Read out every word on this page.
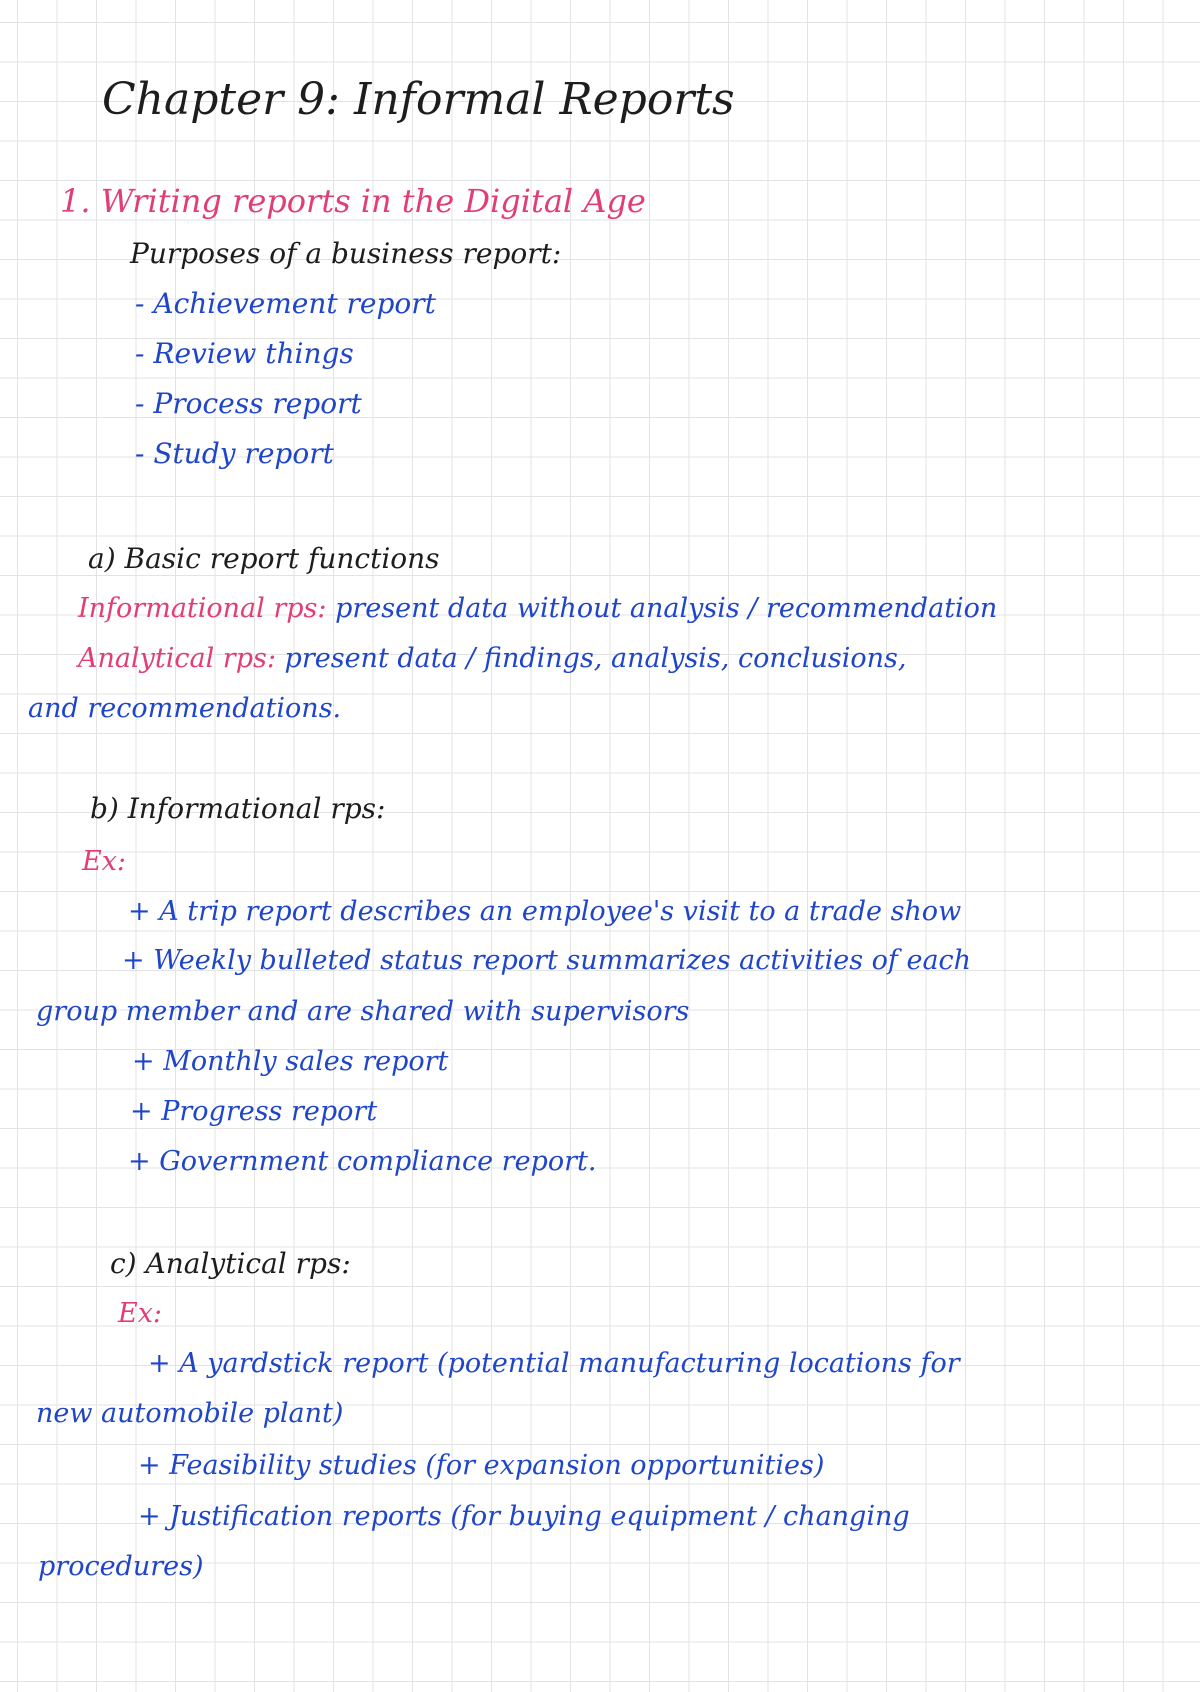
Chapter 9: Informal Reports
1. Writing reports in the Digital Age
Purposes of a business report:
- Achievement report
- Review things
- Process report
- Study report
a) Basic report functions
Informational rps: present data without analysis / recommendation
Analytical rps: present data / findings, analysis, conclusions,
and recommendations.
b) Informational rps:
Ex:
+ A trip report describes an employee's visit to a trade show
+ Weekly bulleted status report summarizes activities of each
group member and are shared with supervisors
+ Monthly sales report
+ Progress report
+ Government compliance report.
c) Analytical rps:
Ex:
+ A yardstick report (potential manufacturing locations for
new automobile plant)
+ Feasibility studies (for expansion opportunities)
+ Justification reports (for buying equipment / changing
procedures)
